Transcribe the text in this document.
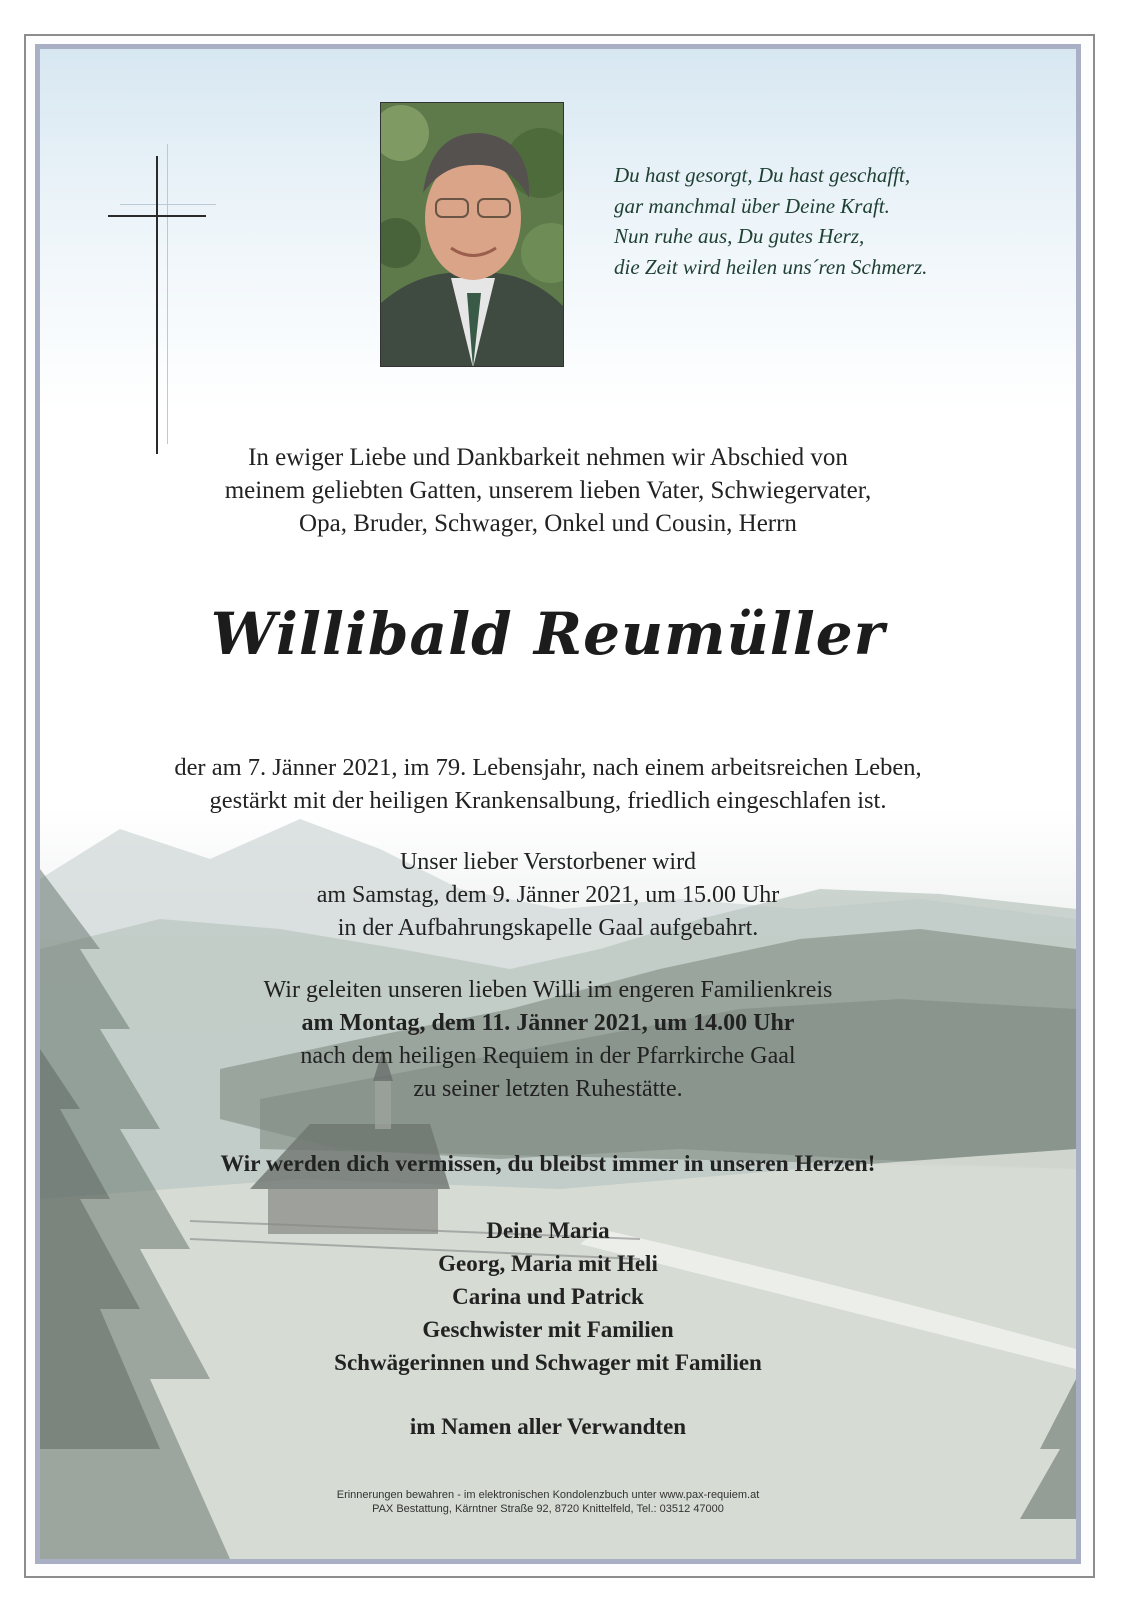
Du hast gesorgt, Du hast geschafft,
gar manchmal über Deine Kraft.
Nun ruhe aus, Du gutes Herz,
die Zeit wird heilen uns´ren Schmerz.
In ewiger Liebe und Dankbarkeit nehmen wir Abschied von
meinem geliebten Gatten, unserem lieben Vater, Schwiegervater,
Opa, Bruder, Schwager, Onkel und Cousin, Herrn
Willibald Reumüller
der am 7. Jänner 2021, im 79. Lebensjahr, nach einem arbeitsreichen Leben,
gestärkt mit der heiligen Krankensalbung, friedlich eingeschlafen ist.
Unser lieber Verstorbener wird
am Samstag, dem 9. Jänner 2021, um 15.00 Uhr
in der Aufbahrungskapelle Gaal aufgebahrt.
Wir geleiten unseren lieben Willi im engeren Familienkreis
am Montag, dem 11. Jänner 2021, um 14.00 Uhr
nach dem heiligen Requiem in der Pfarrkirche Gaal
zu seiner letzten Ruhestätte.
Wir werden dich vermissen, du bleibst immer in unseren Herzen!
Deine Maria
Georg, Maria mit Heli
Carina und Patrick
Geschwister mit Familien
Schwägerinnen und Schwager mit Familien
im Namen aller Verwandten
Erinnerungen bewahren - im elektronischen Kondolenzbuch unter www.pax-requiem.at
PAX Bestattung, Kärntner Straße 92, 8720 Knittelfeld, Tel.: 03512 47000
